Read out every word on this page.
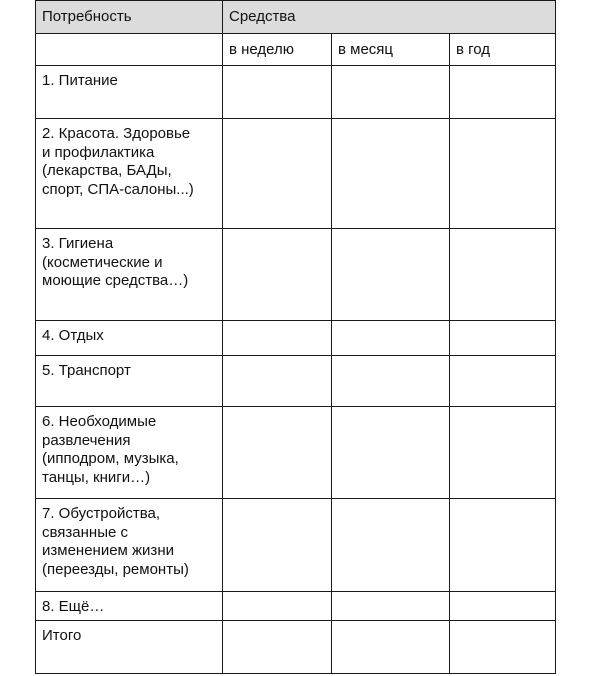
Потребность	Средства		

	в неделю	в месяц	в год

1. Питание			

2. Красота. Здоровье
и профилактика
(лекарства, БАДы,
спорт, СПА-салоны...)			

3. Гигиена
(косметические и
моющие средства…)			

4. Отдых			

5. Транспорт			

6. Необходимые
развлечения
(ипподром, музыка,
танцы, книги…)			

7. Обустройства,
связанные с
изменением жизни
(переезды, ремонты)			

8. Ещё…			

Итого			
